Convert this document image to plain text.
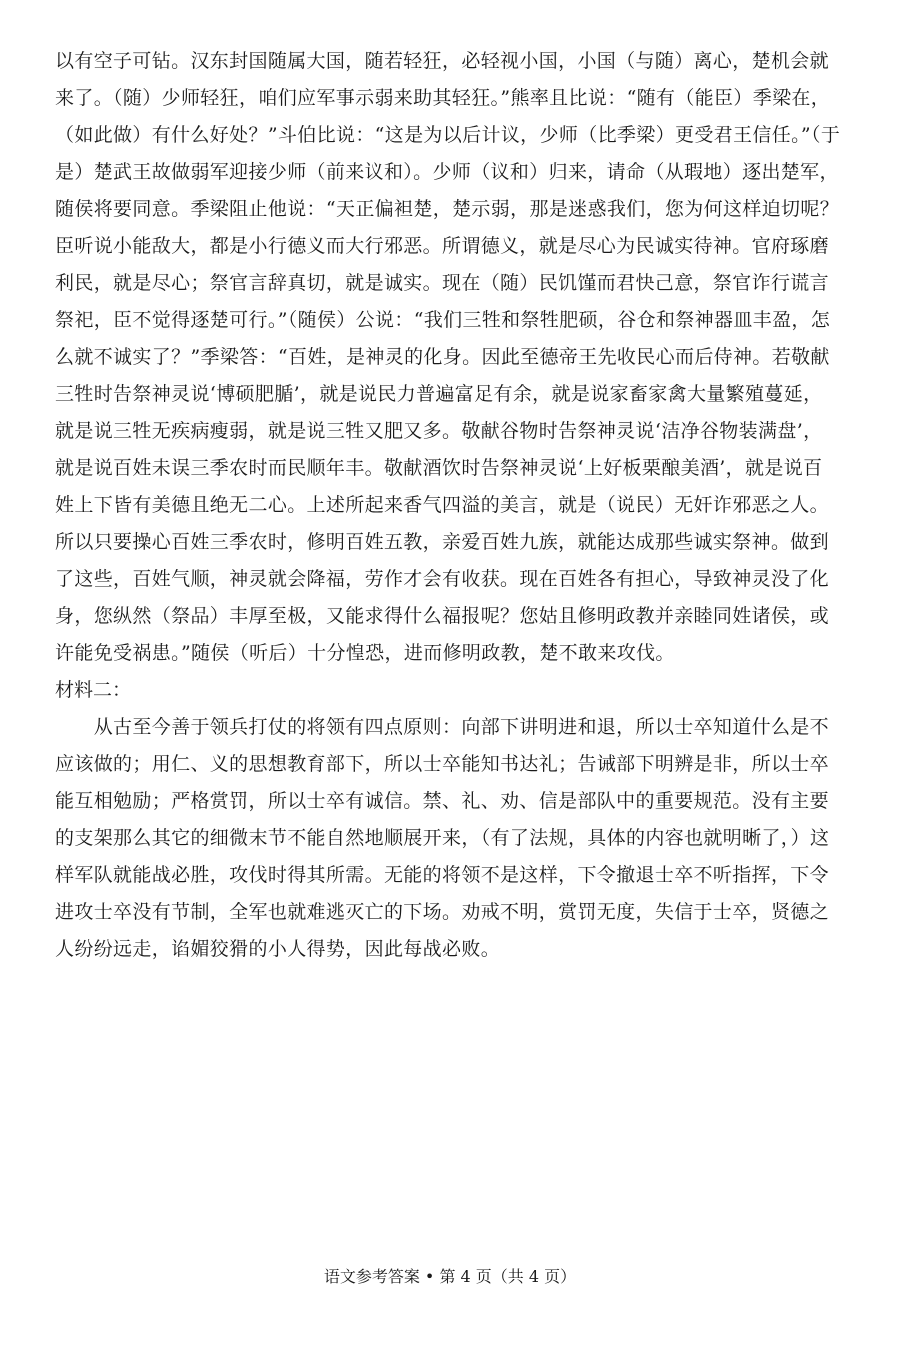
以有空子可钻。汉东封国随属大国，随若轻狂，必轻视小国，小国（与随）离心，楚机会就
来了。（随）少师轻狂，咱们应军事示弱来助其轻狂。”熊率且比说：“随有（能臣）季梁在，
（如此做）有什么好处？”斗伯比说：“这是为以后计议，少师（比季梁）更受君王信任。”（于
是）楚武王故做弱军迎接少师（前来议和）。少师（议和）归来，请命（从瑕地）逐出楚军，
随侯将要同意。季梁阻止他说：“天正偏袒楚，楚示弱，那是迷惑我们，您为何这样迫切呢？
臣听说小能敌大，都是小行德义而大行邪恶。所谓德义，就是尽心为民诚实待神。官府琢磨
利民，就是尽心；祭官言辞真切，就是诚实。现在（随）民饥馑而君快己意，祭官诈行谎言
祭祀，臣不觉得逐楚可行。”（随侯）公说：“我们三牲和祭牲肥硕，谷仓和祭神器皿丰盈，怎
么就不诚实了？”季梁答：“百姓，是神灵的化身。因此至德帝王先收民心而后侍神。若敬献
三牲时告祭神灵说‘博硕肥腯’，就是说民力普遍富足有余，就是说家畜家禽大量繁殖蔓延，
就是说三牲无疾病瘦弱，就是说三牲又肥又多。敬献谷物时告祭神灵说‘洁净谷物装满盘’，
就是说百姓未误三季农时而民顺年丰。敬献酒饮时告祭神灵说‘上好板栗酿美酒’，就是说百
姓上下皆有美德且绝无二心。上述所起来香气四溢的美言，就是（说民）无奸诈邪恶之人。
所以只要操心百姓三季农时，修明百姓五教，亲爱百姓九族，就能达成那些诚实祭神。做到
了这些，百姓气顺，神灵就会降福，劳作才会有收获。现在百姓各有担心，导致神灵没了化
身，您纵然（祭品）丰厚至极，又能求得什么福报呢？您姑且修明政教并亲睦同姓诸侯，或
许能免受祸患。”随侯（听后）十分惶恐，进而修明政教，楚不敢来攻伐。
材料二：
　　从古至今善于领兵打仗的将领有四点原则：向部下讲明进和退，所以士卒知道什么是不
应该做的；用仁、义的思想教育部下，所以士卒能知书达礼；告诫部下明辨是非，所以士卒
能互相勉励；严格赏罚，所以士卒有诚信。禁、礼、劝、信是部队中的重要规范。没有主要
的支架那么其它的细微末节不能自然地顺展开来，（有了法规，具体的内容也就明晰了，）这
样军队就能战必胜，攻伐时得其所需。无能的将领不是这样，下令撤退士卒不听指挥，下令
进攻士卒没有节制，全军也就难逃灭亡的下场。劝戒不明，赏罚无度，失信于士卒，贤德之
人纷纷远走，谄媚狡猾的小人得势，因此每战必败。
语文参考答案 • 第 4 页（共 4 页）
